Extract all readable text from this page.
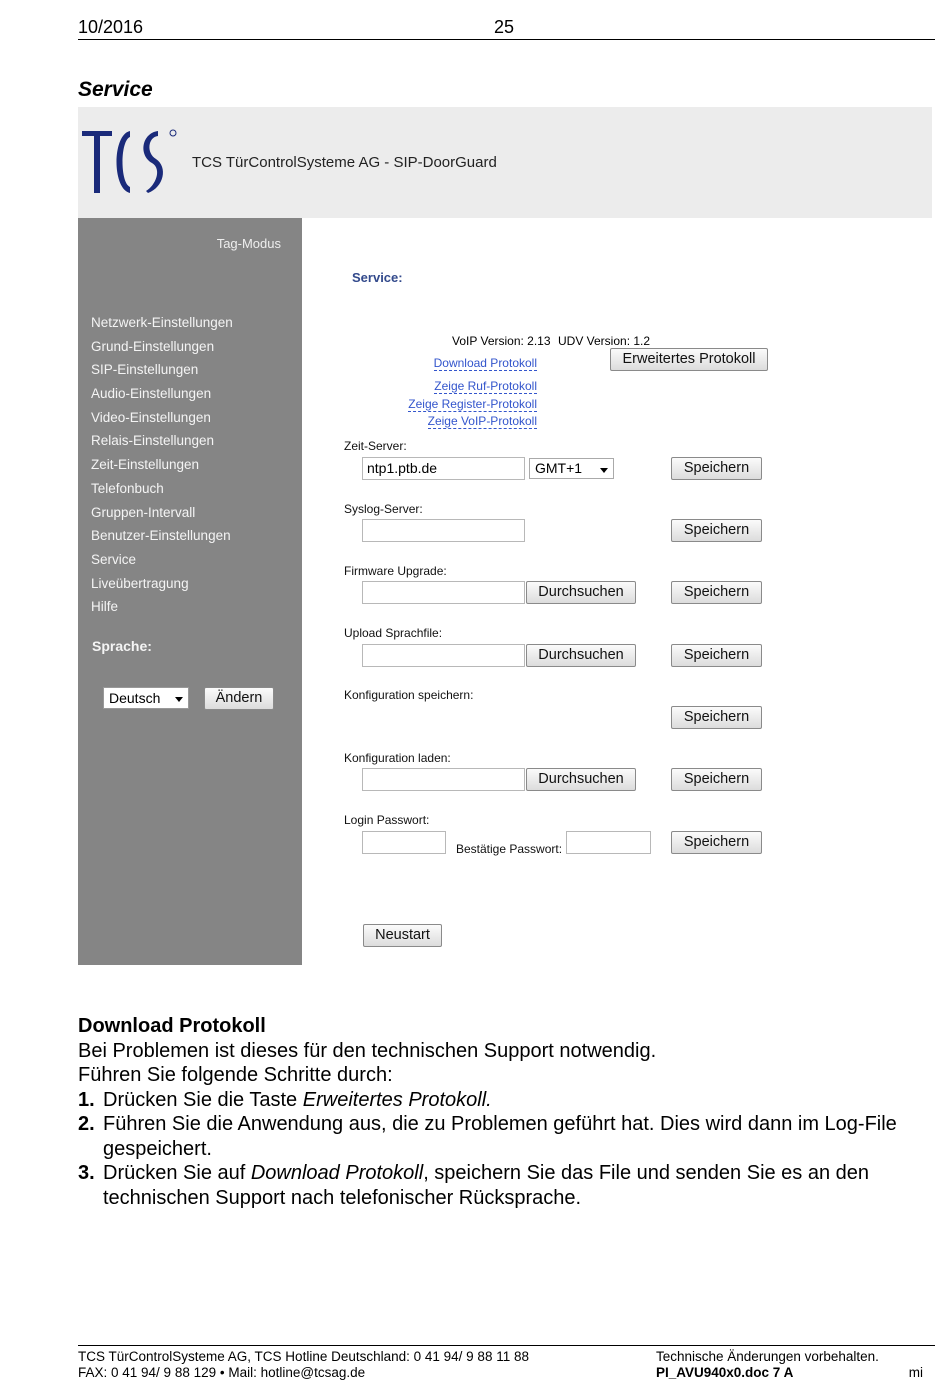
10/2016	25
Service
TCS TürControlSysteme AG - SIP-DoorGuard
Tag-Modus
Netzwerk-Einstellungen
Grund-Einstellungen
SIP-Einstellungen
Audio-Einstellungen
Video-Einstellungen
Relais-Einstellungen
Zeit-Einstellungen
Telefonbuch
Gruppen-Intervall
Benutzer-Einstellungen
Service
Liveübertragung
Hilfe
Sprache:
Deutsch	Ändern
Service:
VoIP Version: 2.13 UDV Version: 1.2
Download Protokoll
Zeige Ruf-Protokoll
Zeige Register-Protokoll
Zeige VoIP-Protokoll
Erweitertes Protokoll
Zeit-Server:
ntp1.ptb.de	GMT+1	Speichern
Syslog-Server:
Speichern
Firmware Upgrade:
Durchsuchen	Speichern
Upload Sprachfile:
Durchsuchen	Speichern
Konfiguration speichern:
Speichern
Konfiguration laden:
Durchsuchen	Speichern
Login Passwort:
Bestätige Passwort:	Speichern
Neustart
Download Protokoll
Bei Problemen ist dieses für den technischen Support notwendig.
Führen Sie folgende Schritte durch:
1. Drücken Sie die Taste Erweitertes Protokoll.
2. Führen Sie die Anwendung aus, die zu Problemen geführt hat. Dies wird dann im Log-File gespeichert.
3. Drücken Sie auf Download Protokoll, speichern Sie das File und senden Sie es an den technischen Support nach telefonischer Rücksprache.
TCS TürControlSysteme AG, TCS Hotline Deutschland: 0 41 94/ 9 88 11 88
FAX: 0 41 94/ 9 88 129 • Mail: hotline@tcsag.de
Technische Änderungen vorbehalten.
PI_AVU940x0.doc 7 A	mi
